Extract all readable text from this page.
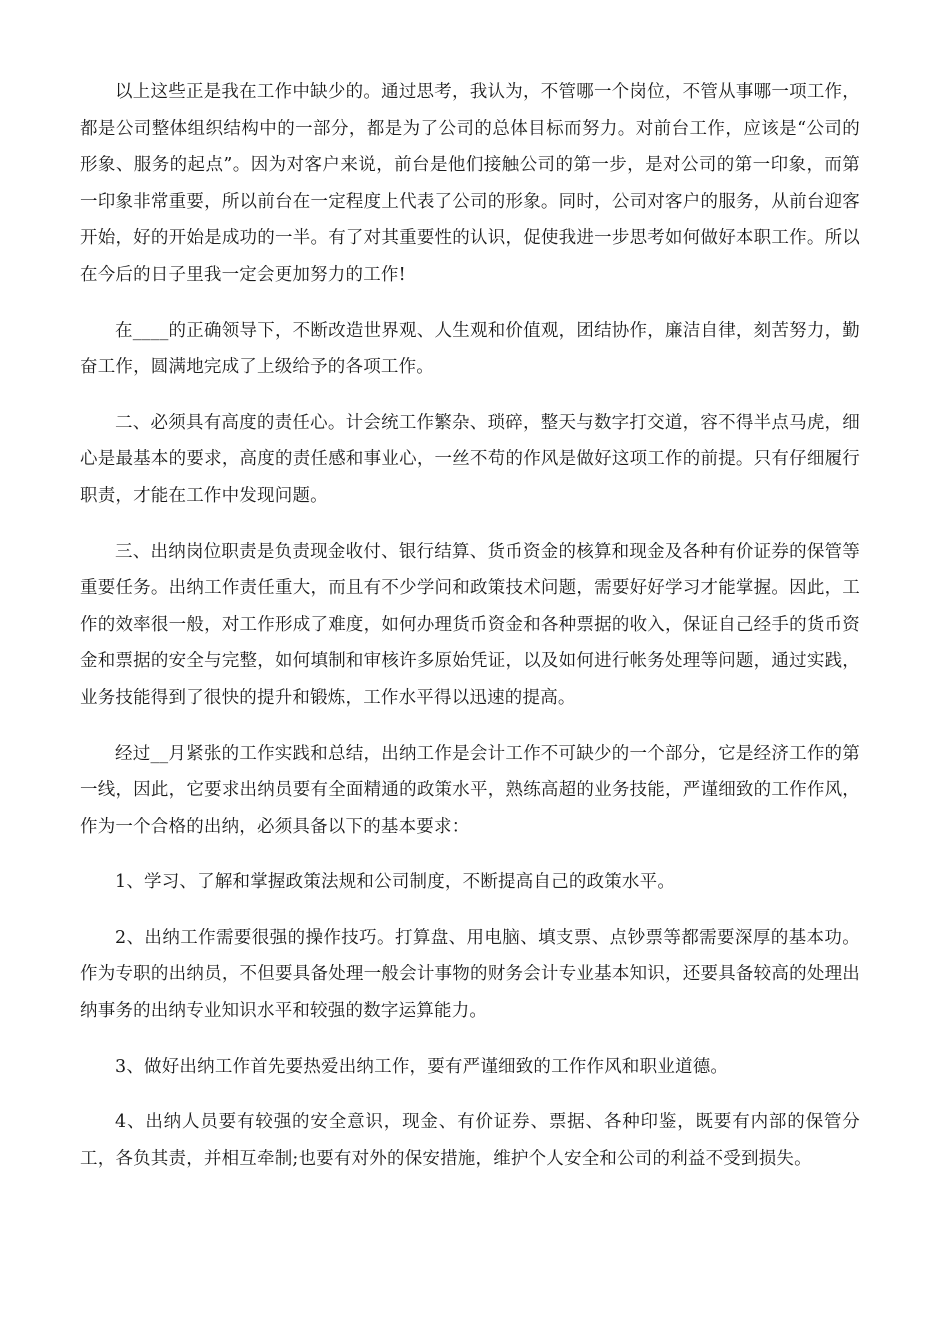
以上这些正是我在工作中缺少的。通过思考，我认为，不管哪一个岗位，不管从事哪一项工作，都是公司整体组织结构中的一部分，都是为了公司的总体目标而努力。对前台工作，应该是“公司的形象、服务的起点”。因为对客户来说，前台是他们接触公司的第一步，是对公司的第一印象，而第一印象非常重要，所以前台在一定程度上代表了公司的形象。同时，公司对客户的服务，从前台迎客开始，好的开始是成功的一半。有了对其重要性的认识，促使我进一步思考如何做好本职工作。所以在今后的日子里我一定会更加努力的工作!

在____的正确领导下，不断改造世界观、人生观和价值观，团结协作，廉洁自律，刻苦努力，勤奋工作，圆满地完成了上级给予的各项工作。

二、必须具有高度的责任心。计会统工作繁杂、琐碎，整天与数字打交道，容不得半点马虎，细心是最基本的要求，高度的责任感和事业心，一丝不苟的作风是做好这项工作的前提。只有仔细履行职责，才能在工作中发现问题。

三、出纳岗位职责是负责现金收付、银行结算、货币资金的核算和现金及各种有价证券的保管等重要任务。出纳工作责任重大，而且有不少学问和政策技术问题，需要好好学习才能掌握。因此，工作的效率很一般，对工作形成了难度，如何办理货币资金和各种票据的收入，保证自己经手的货币资金和票据的安全与完整，如何填制和审核许多原始凭证，以及如何进行帐务处理等问题，通过实践，业务技能得到了很快的提升和锻炼，工作水平得以迅速的提高。

经过__月紧张的工作实践和总结，出纳工作是会计工作不可缺少的一个部分，它是经济工作的第一线，因此，它要求出纳员要有全面精通的政策水平，熟练高超的业务技能，严谨细致的工作作风，作为一个合格的出纳，必须具备以下的基本要求：

1、学习、了解和掌握政策法规和公司制度，不断提高自己的政策水平。

2、出纳工作需要很强的操作技巧。打算盘、用电脑、填支票、点钞票等都需要深厚的基本功。作为专职的出纳员，不但要具备处理一般会计事物的财务会计专业基本知识，还要具备较高的处理出纳事务的出纳专业知识水平和较强的数字运算能力。

3、做好出纳工作首先要热爱出纳工作，要有严谨细致的工作作风和职业道德。

4、出纳人员要有较强的安全意识，现金、有价证券、票据、各种印鉴，既要有内部的保管分工，各负其责，并相互牵制;也要有对外的保安措施，维护个人安全和公司的利益不受到损失。
